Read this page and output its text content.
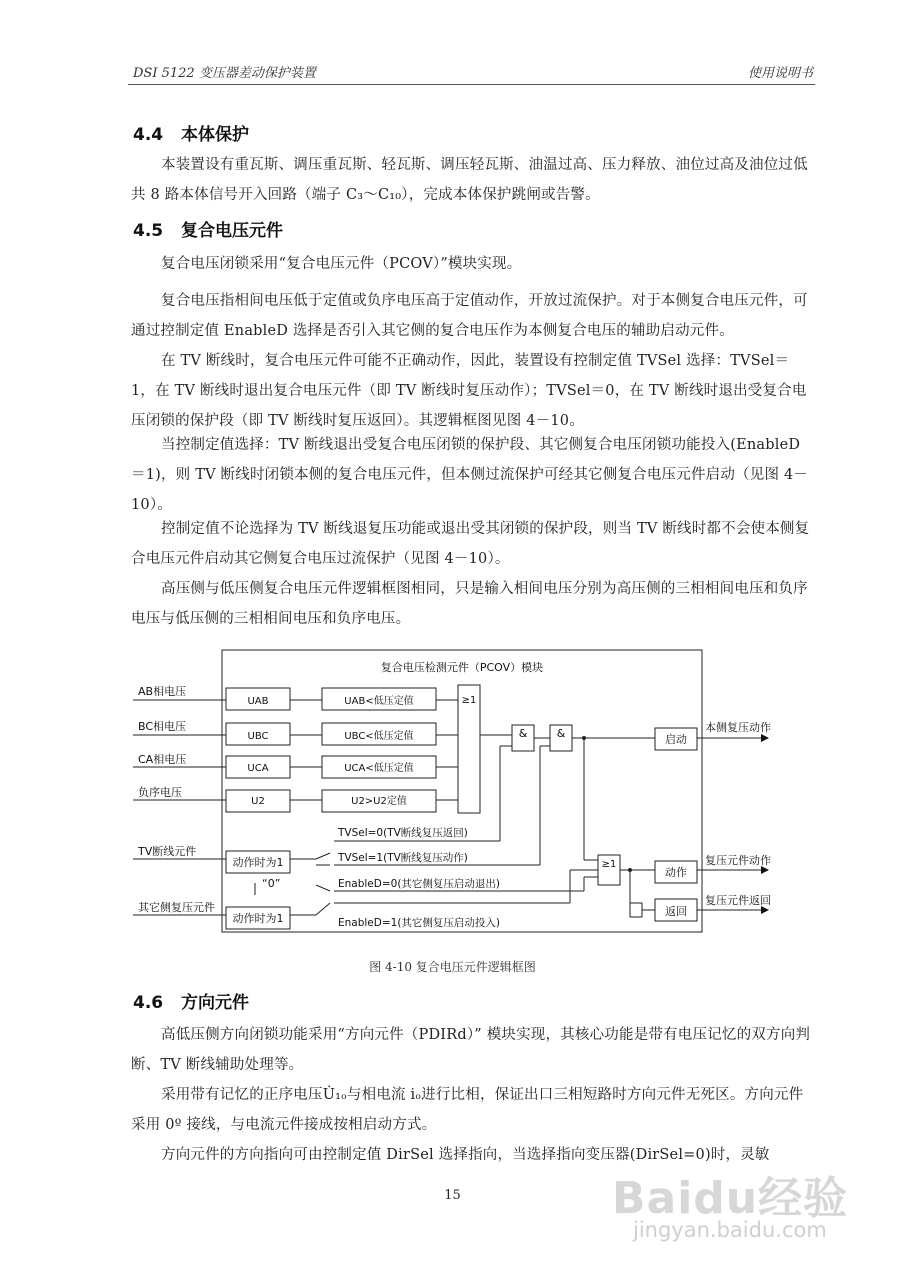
DSI 5122 变压器差动保护装置	使用说明书
4.4 本体保护

本装置设有重瓦斯、调压重瓦斯、轻瓦斯、调压轻瓦斯、油温过高、压力释放、油位过高及油位过低共 8 路本体信号开入回路（端子 C₃～C₁₀），完成本体保护跳闸或告警。

4.5 复合电压元件

复合电压闭锁采用“复合电压元件（PCOV）”模块实现。

复合电压指相间电压低于定值或负序电压高于定值动作，开放过流保护。对于本侧复合电压元件，可通过控制定值 EnableD 选择是否引入其它侧的复合电压作为本侧复合电压的辅助启动元件。

在 TV 断线时，复合电压元件可能不正确动作，因此，装置设有控制定值 TVSel 选择：TVSel＝1，在 TV 断线时退出复合电压元件（即 TV 断线时复压动作）；TVSel＝0，在 TV 断线时退出受复合电压闭锁的保护段（即 TV 断线时复压返回）。其逻辑框图见图 4－10。

当控制定值选择：TV 断线退出受复合电压闭锁的保护段、其它侧复合电压闭锁功能投入(EnableD＝1)，则 TV 断线时闭锁本侧的复合电压元件，但本侧过流保护可经其它侧复合电压元件启动（见图 4－10）。

控制定值不论选择为 TV 断线退复压功能或退出受其闭锁的保护段，则当 TV 断线时都不会使本侧复合电压元件启动其它侧复合电压过流保护（见图 4－10）。

高压侧与低压侧复合电压元件逻辑框图相同，只是输入相间电压分别为高压侧的三相相间电压和负序电压与低压侧的三相相间电压和负序电压。

复合电压检测元件（PCOV）模块
AB相电压
BC相电压
CA相电压
负序电压
TV断线元件
其它侧复压元件
UAB
UBC
UCA
U2
UAB<低压定值
UBC<低压定值
UCA<低压定值
U2>U2定值
≥1
&	&
≥1
启动
动作
返回
动作时为1
动作时为1
“0”
TVSel=0(TV断线复压返回)
TVSel=1(TV断线复压动作)
EnableD=0(其它侧复压启动退出)
EnableD=1(其它侧复压启动投入)
本侧复压动作
复压元件动作
复压元件返回
图 4-10 复合电压元件逻辑框图
4.6 方向元件

高低压侧方向闭锁功能采用“方向元件（PDIRd）” 模块实现，其核心功能是带有电压记忆的双方向判断、TV 断线辅助处理等。

采用带有记忆的正序电压U̇₁ₒ与相电流 iₒ进行比相，保证出口三相短路时方向元件无死区。方向元件采用 0º 接线，与电流元件接成按相启动方式。

方向元件的方向指向可由控制定值 DirSel 选择指向，当选择指向变压器(DirSel=0)时，灵敏

15	Baidu经验
jingyan.baidu.com
